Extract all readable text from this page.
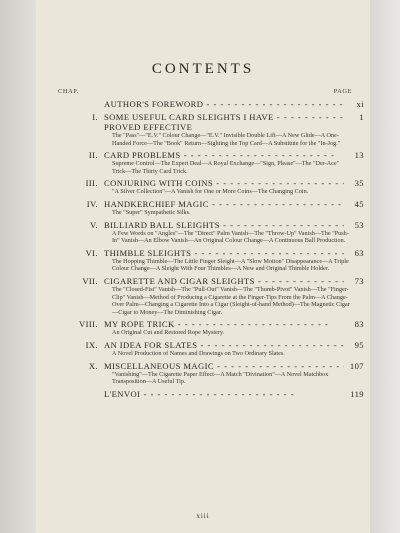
CONTENTS
CHAP.	PAGE
AUTHOR'S FOREWORD - -	xi
I. SOME USEFUL CARD SLEIGHTS I HAVE - -	1
PROVED EFFECTIVE
The "Pass"—"E.V." Colour Change—"E.V." Invisible Double Lift—A New Glide—A One-Handed Force—The "Book" Return—Sighting the Top Card—A Substitute for the "In-Jog."
II. CARD PROBLEMS - -	13
Supreme Control—The Expert Deal—A Royal Exchange—"Sign, Please"—The "Der-Ace" Trick—The Thirty Card Trick.
III. CONJURING WITH COINS - -	35
"A Silver Collection"—A Vanish for One or More Coins—The Changing Coin.
IV. HANDKERCHIEF MAGIC - -	45
The "Super" Sympathetic Silks.
V. BILLIARD BALL SLEIGHTS - -	53
A Few Words on "Angles"—The "Direct" Palm Vanish—The "Throw-Up" Vanish—The "Push-In" Vanish—An Elbow Vanish—An Original Colour Change—A Continuous Ball Production.
VI. THIMBLE SLEIGHTS - -	63
The Hopping Thimble—The Little Finger Sleight—A "Slow Motion" Disappearance—A Triple Colour Change—A Sleight With Four Thimbles—A New and Original Thimble Holder.
VII. CIGARETTE AND CIGAR SLEIGHTS - -	73
The "Closed-Fist" Vanish—The "Pull-Out" Vanish—The "Thumb-Pivot" Vanish—The "Finger-Clip" Vanish—Method of Producing a Cigarette at the Finger-Tips From the Palm—A Change-Over Palm—Changing a Cigarette Into a Cigar (Sleight-of-hand Method)—The Magnetic Cigar—Cigar to Money—The Diminishing Cigar.
VIII. MY ROPE TRICK - -	83
An Original Cut and Restored Rope Mystery.
IX. AN IDEA FOR SLATES - -	95
A Novel Production of Names and Drawings on Two Ordinary Slates.
X. MISCELLANEOUS MAGIC - -	107
"Vanishing"—The Cigarette Paper Effect—A Match "Divination"—A Novel Matchbox Transposition—A Useful Tip.
L'ENVOI - -	119
xiii
